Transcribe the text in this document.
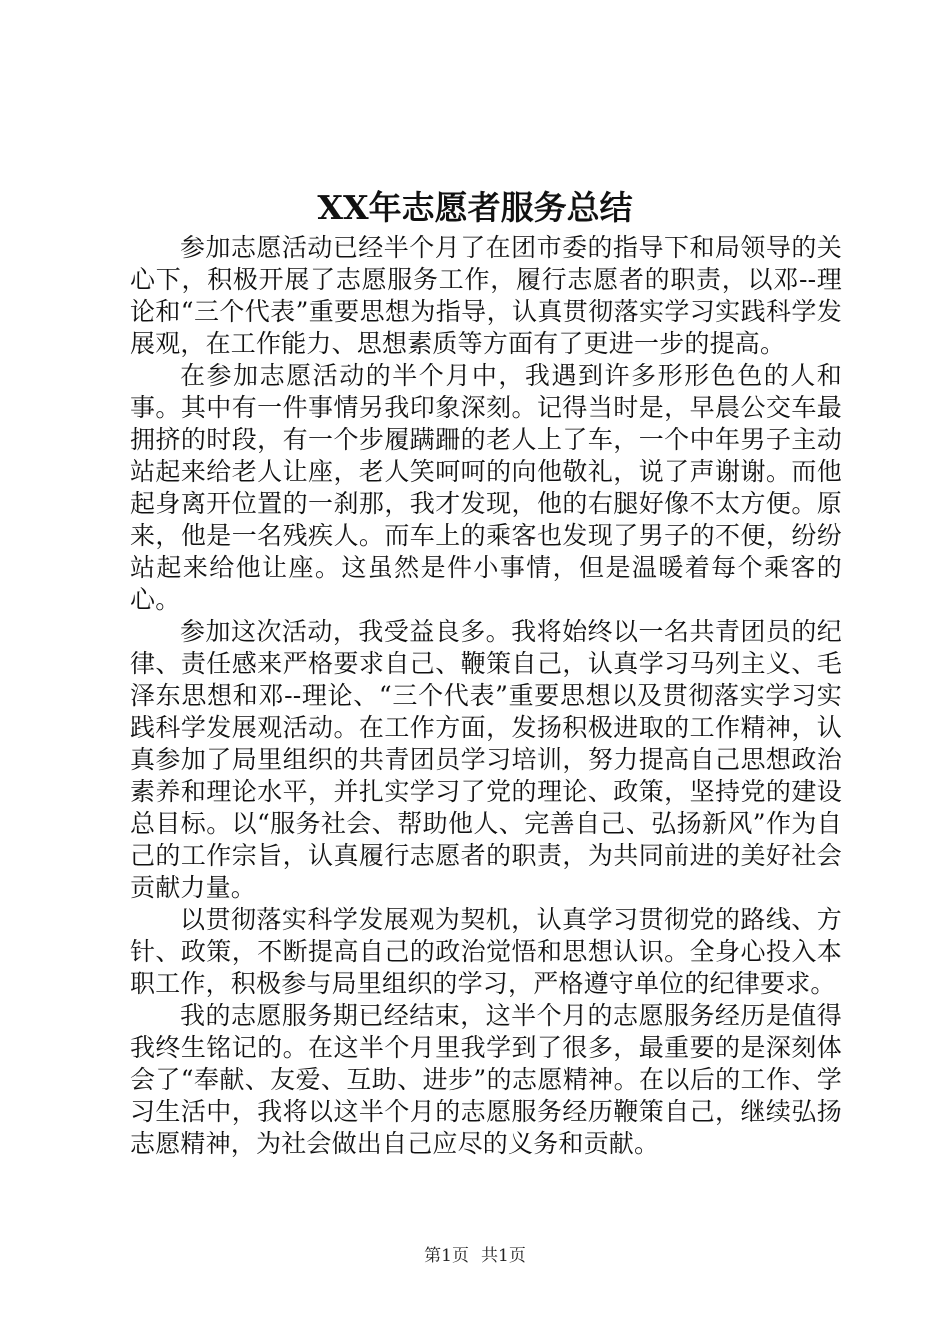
XX年志愿者服务总结

参加志愿活动已经半个月了在团市委的指导下和局领导的关心下，积极开展了志愿服务工作，履行志愿者的职责，以邓--理论和“三个代表”重要思想为指导，认真贯彻落实学习实践科学发展观，在工作能力、思想素质等方面有了更进一步的提高。

在参加志愿活动的半个月中，我遇到许多形形色色的人和事。其中有一件事情另我印象深刻。记得当时是，早晨公交车最拥挤的时段，有一个步履蹒跚的老人上了车，一个中年男子主动站起来给老人让座，老人笑呵呵的向他敬礼，说了声谢谢。而他起身离开位置的一刹那，我才发现，他的右腿好像不太方便。原来，他是一名残疾人。而车上的乘客也发现了男子的不便，纷纷站起来给他让座。这虽然是件小事情，但是温暖着每个乘客的心。

参加这次活动，我受益良多。我将始终以一名共青团员的纪律、责任感来严格要求自己、鞭策自己，认真学习马列主义、毛泽东思想和邓--理论、“三个代表”重要思想以及贯彻落实学习实践科学发展观活动。在工作方面，发扬积极进取的工作精神，认真参加了局里组织的共青团员学习培训，努力提高自己思想政治素养和理论水平，并扎实学习了党的理论、政策，坚持党的建设总目标。以“服务社会、帮助他人、完善自己、弘扬新风”作为自己的工作宗旨，认真履行志愿者的职责，为共同前进的美好社会贡献力量。

以贯彻落实科学发展观为契机，认真学习贯彻党的路线、方针、政策，不断提高自己的政治觉悟和思想认识。全身心投入本职工作，积极参与局里组织的学习，严格遵守单位的纪律要求。

我的志愿服务期已经结束，这半个月的志愿服务经历是值得我终生铭记的。在这半个月里我学到了很多，最重要的是深刻体会了“奉献、友爱、互助、进步”的志愿精神。在以后的工作、学习生活中，我将以这半个月的志愿服务经历鞭策自己，继续弘扬志愿精神，为社会做出自己应尽的义务和贡献。

第1页 共1页
